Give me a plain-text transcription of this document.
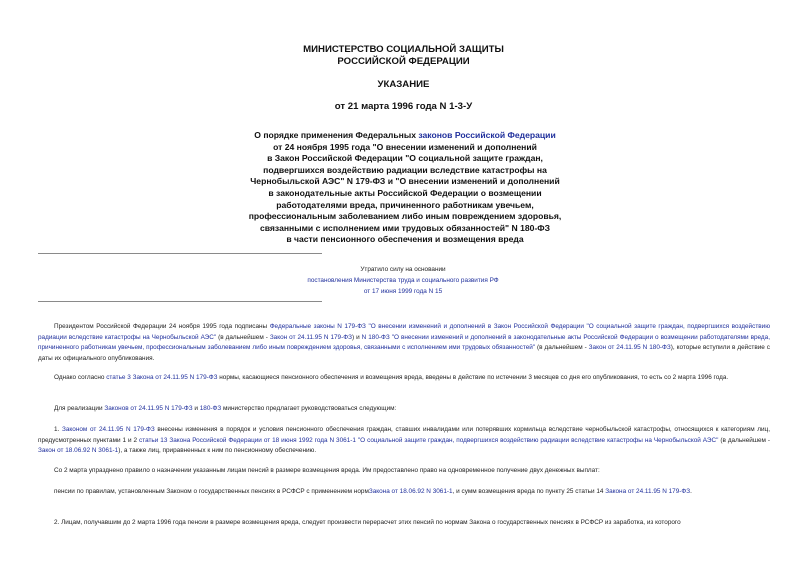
МИНИСТЕРСТВО СОЦИАЛЬНОЙ ЗАЩИТЫ
РОССИЙСКОЙ ФЕДЕРАЦИИ
УКАЗАНИЕ
от 21 марта 1996 года N 1-3-У
О порядке применения Федеральных законов Российской Федерации
от 24 ноября 1995 года "О внесении изменений и дополнений
в Закон Российской Федерации "О социальной защите граждан,
подвергшихся воздействию радиации вследствие катастрофы на
Чернобыльской АЭС" N 179-ФЗ и "О внесении изменений и дополнений
в законодательные акты Российской Федерации о возмещении
работодателями вреда, причиненного работникам увечьем,
профессиональным заболеванием либо иным повреждением здоровья,
связанными с исполнением ими трудовых обязанностей" N 180-ФЗ
в части пенсионного обеспечения и возмещения вреда
Утратило силу на основании
постановления Министерства труда и социального развития РФ
от 17 июня 1999 года N 15
Президентом Российской Федерации 24 ноября 1995 года подписаны Федеральные законы N 179-ФЗ "О внесении изменений и дополнений в Закон Российской Федерации "О социальной защите граждан, подвергшихся воздействию радиации вследствие катастрофы на Чернобыльской АЭС" (в дальнейшем - Закон от 24.11.95 N 179-ФЗ) и N 180-ФЗ "О внесении изменений и дополнений в законодательные акты Российской Федерации о возмещении работодателями вреда, причиненного работникам увечьем, профессиональным заболеванием либо иным повреждением здоровья, связанными с исполнением ими трудовых обязанностей" (в дальнейшем - Закон от 24.11.95 N 180-ФЗ), которые вступили в действие с даты их официального опубликования.
Однако согласно статье 3 Закона от 24.11.95 N 179-ФЗ нормы, касающиеся пенсионного обеспечения и возмещения вреда, введены в действие по истечении 3 месяцев со дня его опубликования, то есть со 2 марта 1996 года.
Для реализации Законов от 24.11.95 N 179-ФЗ и 180-ФЗ министерство предлагает руководствоваться следующим:
1. Законом от 24.11.95 N 179-ФЗ внесены изменения в порядок и условия пенсионного обеспечения граждан, ставших инвалидами или потерявших кормильца вследствие чернобыльской катастрофы, относящихся к категориям лиц, предусмотренных пунктами 1 и 2 статьи 13 Закона Российской Федерации от 18 июня 1992 года N 3061-1 "О социальной защите граждан, подвергшихся воздействию радиации вследствие катастрофы на Чернобыльской АЭС" (в дальнейшем - Закон от 18.06.92 N 3061-1), а также лиц, приравненных к ним по пенсионному обеспечению.
Со 2 марта упразднено правило о назначении указанным лицам пенсий в размере возмещения вреда. Им предоставлено право на одновременное получение двух денежных выплат:
пенсии по правилам, установленным Законом о государственных пенсиях в РСФСР с применением нормЗакона от 18.06.92 N 3061-1, и сумм возмещения вреда по пункту 25 статьи 14 Закона от 24.11.95 N 179-ФЗ.
2. Лицам, получавшим до 2 марта 1996 года пенсии в размере возмещения вреда, следует произвести перерасчет этих пенсий по нормам Закона о государственных пенсиях в РСФСР из заработка, из которого
